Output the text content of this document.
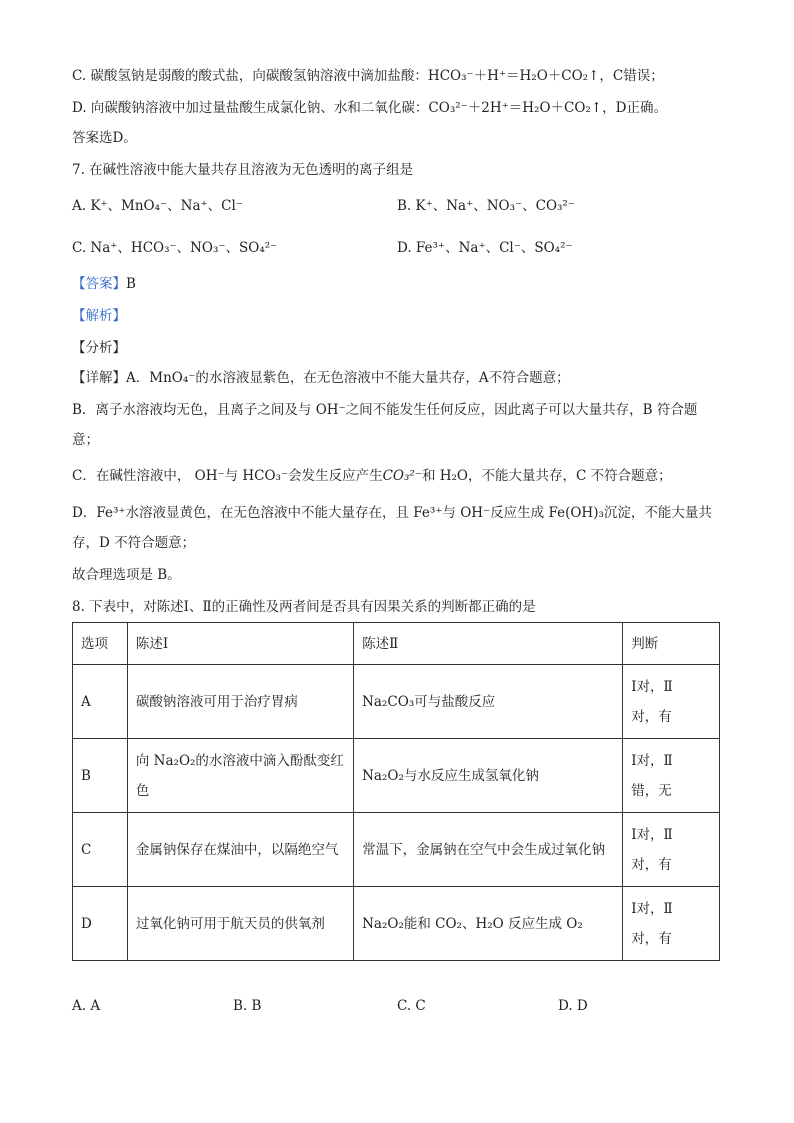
C. 碳酸氢钠是弱酸的酸式盐，向碳酸氢钠溶液中滴加盐酸：HCO₃⁻＋H⁺＝H₂O＋CO₂↑，C错误；
D. 向碳酸钠溶液中加过量盐酸生成氯化钠、水和二氧化碳：CO₃²⁻＋2H⁺＝H₂O＋CO₂↑，D正确。
答案选D。
7. 在碱性溶液中能大量共存且溶液为无色透明的离子组是
A. K⁺、MnO₄⁻、Na⁺、Cl⁻	B. K⁺、Na⁺、NO₃⁻、CO₃²⁻
C. Na⁺、HCO₃⁻、NO₃⁻、SO₄²⁻	D. Fe³⁺、Na⁺、Cl⁻、SO₄²⁻
【答案】B
【解析】
【分析】
【详解】A．MnO₄⁻的水溶液显紫色，在无色溶液中不能大量共存，A不符合题意；
B．离子水溶液均无色，且离子之间及与 OH⁻之间不能发生任何反应，因此离子可以大量共存，B 符合题
意；
C．在碱性溶液中， OH⁻与 HCO₃⁻会发生反应产生CO₃²⁻和 H₂O，不能大量共存，C 不符合题意；
D．Fe³⁺水溶液显黄色，在无色溶液中不能大量存在，且 Fe³⁺与 OH⁻反应生成 Fe(OH)₃沉淀，不能大量共
存，D 不符合题意；
故合理选项是 B。
8. 下表中，对陈述Ⅰ、Ⅱ的正确性及两者间是否具有因果关系的判断都正确的是
选项	陈述Ⅰ	陈述Ⅱ	判断
A	碳酸钠溶液可用于治疗胃病	Na₂CO₃可与盐酸反应	Ⅰ对，Ⅱ
对，有

B	向 Na₂O₂的水溶液中滴入酚酞变红
色	Na₂O₂与水反应生成氢氧化钠	Ⅰ对，Ⅱ
错，无

C	金属钠保存在煤油中，以隔绝空气	常温下，金属钠在空气中会生成过氧化钠	Ⅰ对，Ⅱ
对，有

D	过氧化钠可用于航天员的供氧剂	Na₂O₂能和 CO₂、H₂O 反应生成 O₂	Ⅰ对，Ⅱ
对，有
A. A	B. B	C. C	D. D
